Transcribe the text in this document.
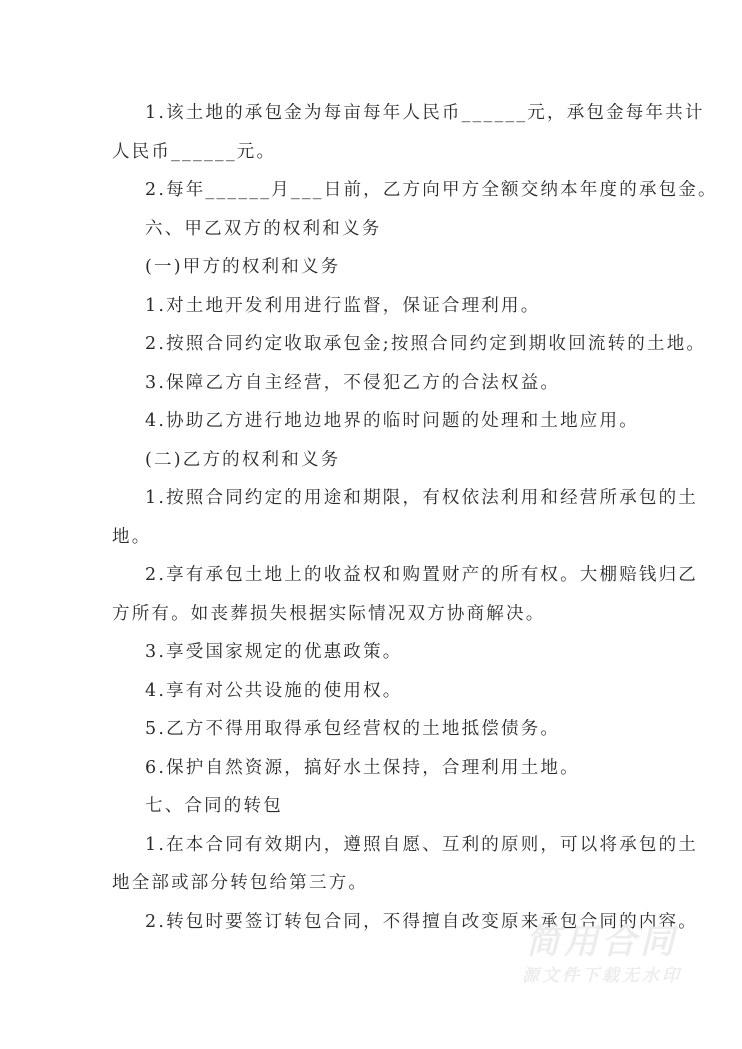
1.该土地的承包金为每亩每年人民币______元，承包金每年共计
人民币______元。
2.每年______月___日前，乙方向甲方全额交纳本年度的承包金。
六、甲乙双方的权利和义务
(一)甲方的权利和义务
1.对土地开发利用进行监督，保证合理利用。
2.按照合同约定收取承包金;按照合同约定到期收回流转的土地。
3.保障乙方自主经营，不侵犯乙方的合法权益。
4.协助乙方进行地边地界的临时问题的处理和土地应用。
(二)乙方的权利和义务
1.按照合同约定的用途和期限，有权依法利用和经营所承包的土
地。
2.享有承包土地上的收益权和购置财产的所有权。大棚赔钱归乙
方所有。如丧葬损失根据实际情况双方协商解决。
3.享受国家规定的优惠政策。
4.享有对公共设施的使用权。
5.乙方不得用取得承包经营权的土地抵偿债务。
6.保护自然资源，搞好水土保持，合理利用土地。
七、合同的转包
1.在本合同有效期内，遵照自愿、互利的原则，可以将承包的土
地全部或部分转包给第三方。
2.转包时要签订转包合同，不得擅自改变原来承包合同的内容。
简用合同
源文件下载无水印
